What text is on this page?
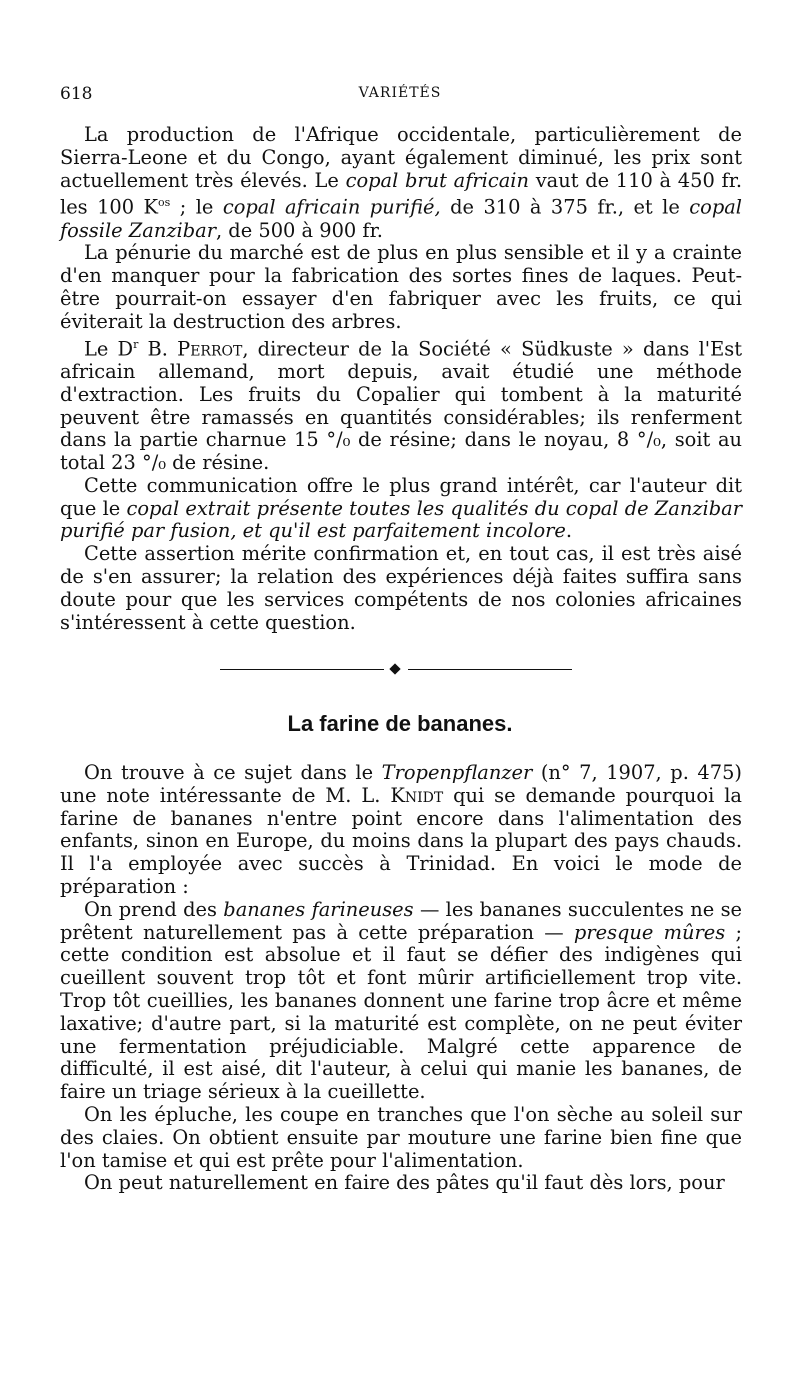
618	VARIÉTÉS

La production de l'Afrique occidentale, particulièrement de Sierra-Leone et du Congo, ayant également diminué, les prix sont actuellement très élevés. Le copal brut africain vaut de 110 à 450 fr. les 100 $K^{os}$ ; le copal africain purifié, de 310 à 375 fr., et le copal fossile Zanzibar, de 500 à 900 fr.

La pénurie du marché est de plus en plus sensible et il y a crainte d'en manquer pour la fabrication des sortes fines de laques. Peut-être pourrait-on essayer d'en fabriquer avec les fruits, ce qui éviterait la destruction des arbres.

Le $D^r$ B. Perrot, directeur de la Société « Südkuste » dans l'Est africain allemand, mort depuis, avait étudié une méthode d'extraction. Les fruits du Copalier qui tombent à la maturité peuvent être ramassés en quantités considérables; ils renferment dans la partie charnue 15 °/₀ de résine; dans le noyau, 8 °/₀, soit au total 23 °/₀ de résine.

Cette communication offre le plus grand intérêt, car l'auteur dit que le copal extrait présente toutes les qualités du copal de Zanzibar purifié par fusion, et qu'il est parfaitement incolore.

Cette assertion mérite confirmation et, en tout cas, il est très aisé de s'en assurer; la relation des expériences déjà faites suffira sans doute pour que les services compétents de nos colonies africaines s'intéressent à cette question.

La farine de bananes.

On trouve à ce sujet dans le Tropenpflanzer (n° 7, 1907, p. 475) une note intéressante de M. L. Knidt qui se demande pourquoi la farine de bananes n'entre point encore dans l'alimentation des enfants, sinon en Europe, du moins dans la plupart des pays chauds. Il l'a employée avec succès à Trinidad. En voici le mode de préparation :

On prend des bananes farineuses — les bananes succulentes ne se prêtent naturellement pas à cette préparation — presque mûres ; cette condition est absolue et il faut se défier des indigènes qui cueillent souvent trop tôt et font mûrir artificiellement trop vite. Trop tôt cueillies, les bananes donnent une farine trop âcre et même laxative; d'autre part, si la maturité est complète, on ne peut éviter une fermentation préjudiciable. Malgré cette apparence de difficulté, il est aisé, dit l'auteur, à celui qui manie les bananes, de faire un triage sérieux à la cueillette.

On les épluche, les coupe en tranches que l'on sèche au soleil sur des claies. On obtient ensuite par mouture une farine bien fine que l'on tamise et qui est prête pour l'alimentation.

On peut naturellement en faire des pâtes qu'il faut dès lors, pour
